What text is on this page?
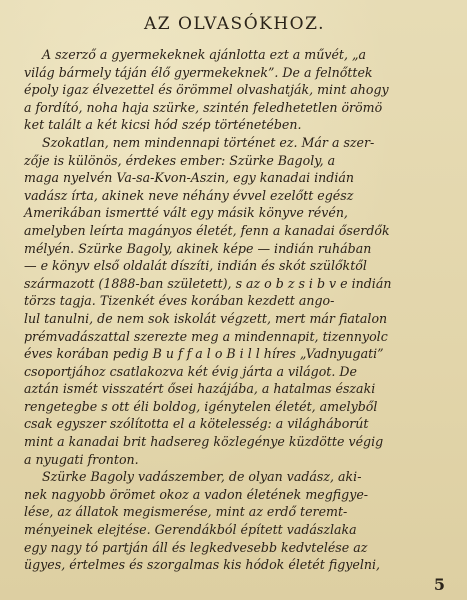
AZ OLVASÓKHOZ.
A szerző a gyermekeknek ajánlotta ezt a művét, „a
világ bármely táján élő gyermekeknek”. De a felnőttek
époly igaz élvezettel és örömmel olvashatják, mint ahogy
a fordító, noha haja szürke, szintén feledhetetlen örömö
ket talált a két kicsi hód szép történetében.
Szokatlan, nem mindennapi történet ez. Már a szer-
zője is különös, érdekes ember: Szürke Bagoly, a
maga nyelvén Va-sa-Kvon-Aszin, egy kanadai indián
vadász írta, akinek neve néhány évvel ezelőtt egész
Amerikában ismertté vált egy másik könyve révén,
amelyben leírta magányos életét, fenn a kanadai őserdők
mélyén. Szürke Bagoly, akinek képe — indián ruhában
— e könyv első oldalát díszíti, indián és skót szülőktől
származott (1888-ban született), s az o b z s i b v e indián
törzs tagja. Tizenkét éves korában kezdett ango-
lul tanulni, de nem sok iskolát végzett, mert már fiatalon
prémvadászattal szerezte meg a mindennapit, tizennyolc
éves korában pedig B u f f a l o B i l l híres „Vadnyugati”
csoportjához csatlakozva két évig járta a világot. De
aztán ismét visszatért ősei hazájába, a hatalmas északi
rengetegbe s ott éli boldog, igénytelen életét, amelyből
csak egyszer szólította el a kötelesség: a világháborút
mint a kanadai brit hadsereg közlegénye küzdötte végig
a nyugati fronton.
Szürke Bagoly vadászember, de olyan vadász, aki-
nek nagyobb örömet okoz a vadon életének megfigye-
lése, az állatok megismerése, mint az erdő teremt-
ményeinek elejtése. Gerendákból épített vadászlaka
egy nagy tó partján áll és legkedvesebb kedvtelése az
ügyes, értelmes és szorgalmas kis hódok életét figyelni,
5
